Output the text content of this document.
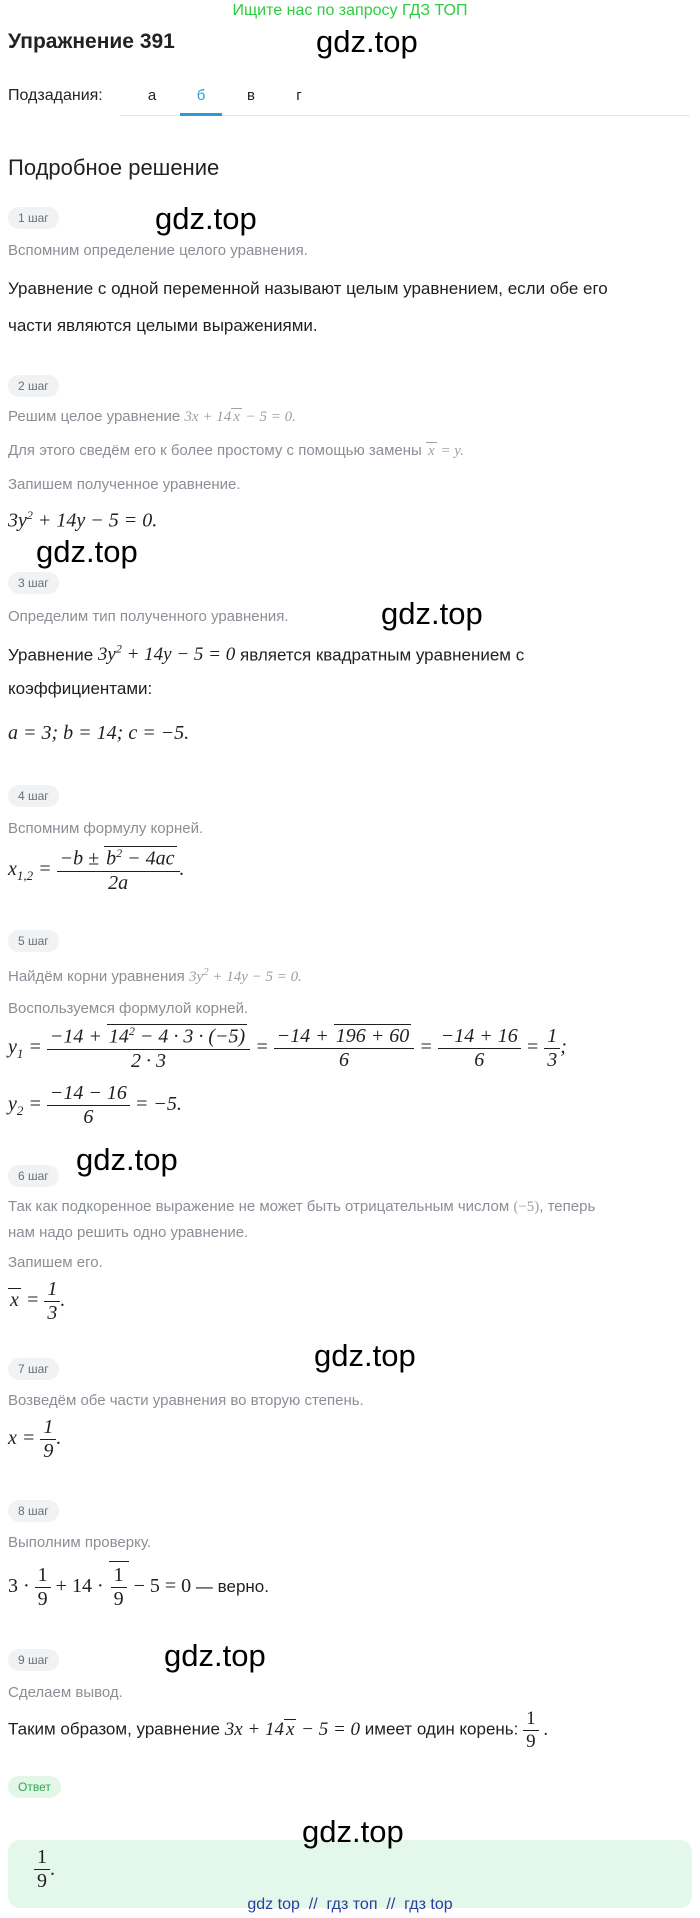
Ищите нас по запросу ГДЗ ТОП
Упражнение 391	gdz.top
Подзадания:	а	б	в	г
Подробное решение
1 шаг	gdz.top
Вспомним определение целого уравнения.
Уравнение с одной переменной называют целым уравнением, если обе его
части являются целыми выражениями.
2 шаг
Решим целое уравнение 3x + 14 x − 5 = 0.
Для этого сведём его к более простому с помощью замены x = y.
Запишем полученное уравнение.
$3y^2 + 14y - 5 = 0$.
gdz.top
3 шаг
gdz.top
Определим тип полученного уравнения.
Уравнение $3y^2 + 14y - 5 = 0$ является квадратным уравнением с
коэффициентами:
a = 3; b = 14; c = −5.
4 шаг
Вспомним формулу корней.
$x_{1,2} = \frac{-b \pm b^2 - 4ac}{2a}$ .
5 шаг
Найдём корни уравнения $3y^2 + 14y - 5 = 0$.
Воспользуемся формулой корней.
$y_1 = \frac{-14 + 14^2 - 4 \cdot 3 \cdot (-5)}{2 \cdot 3} = \frac{-14 + 196 + 60}{6} = \frac{-14 + 16}{6} = \frac{1}{3}$ ;
$y_2 = \frac{-14 - 16}{6} = -5$.
gdz.top
6 шаг
Так как подкоренное выражение не может быть отрицательным числом (−5), теперь
нам надо решить одно уравнение.
Запишем его.
$x = \frac{1}{3}$ .
gdz.top
7 шаг
Возведём обе части уравнения во вторую степень.
$x = \frac{1}{9}$ .
8 шаг
Выполним проверку.
$3 \cdot \frac{1}{9} + 14 \cdot \frac{1}{9} - 5 = 0$ — верно.
gdz.top
9 шаг
Сделаем вывод.
Таким образом, уравнение 3x + 14 x − 5 = 0 имеет один корень: $\frac{1}{9}$ .
Ответ
gdz.top
$\frac{1}{9}$ .
gdz top  //  гдз топ  //  гдз top
